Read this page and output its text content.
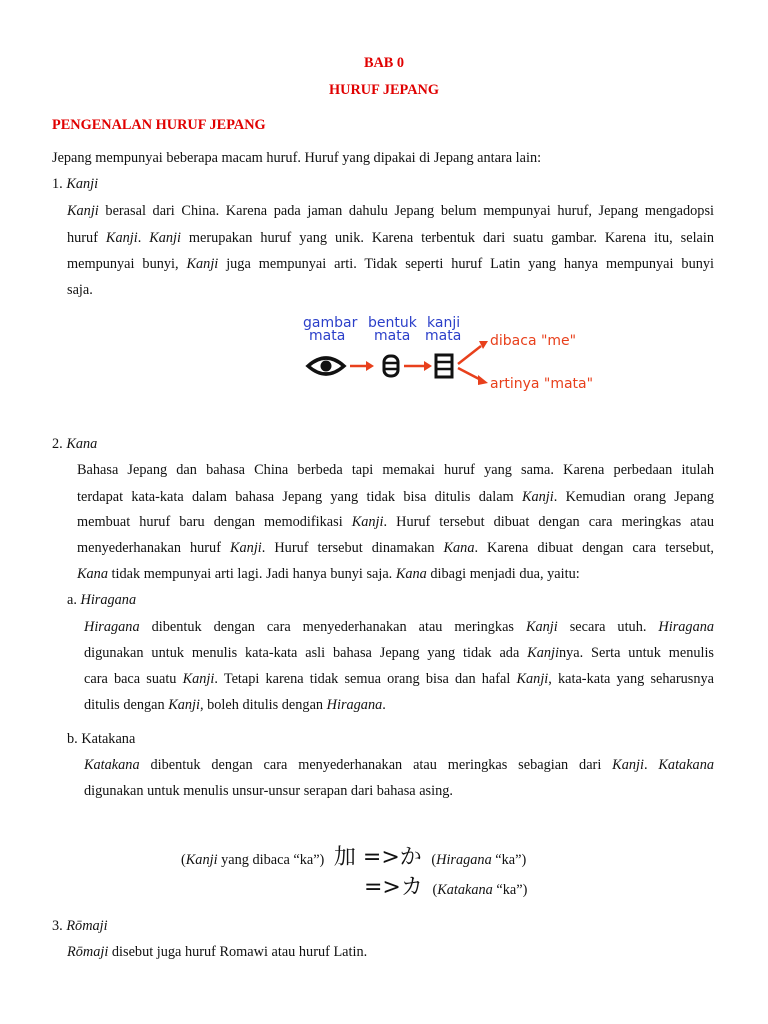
BAB 0
HURUF JEPANG
PENGENALAN HURUF JEPANG
Jepang mempunyai beberapa macam huruf. Huruf yang dipakai di Jepang antara lain:
1. Kanji
Kanji berasal dari China. Karena pada jaman dahulu Jepang belum mempunyai huruf, Jepang mengadopsi
huruf Kanji. Kanji merupakan huruf yang unik. Karena terbentuk dari suatu gambar. Karena itu, selain
mempunyai bunyi, Kanji juga mempunyai arti. Tidak seperti huruf Latin yang hanya mempunyai bunyi
saja.
gambar
mata
bentuk
mata
kanji
mata dibaca "me"
artinya "mata"
2. Kana
Bahasa Jepang dan bahasa China berbeda tapi memakai huruf yang sama. Karena perbedaan itulah
terdapat kata-kata dalam bahasa Jepang yang tidak bisa ditulis dalam Kanji. Kemudian orang Jepang
membuat huruf baru dengan memodifikasi Kanji. Huruf tersebut dibuat dengan cara meringkas atau
menyederhanakan huruf Kanji. Huruf tersebut dinamakan Kana. Karena dibuat dengan cara tersebut,
Kana tidak mempunyai arti lagi. Jadi hanya bunyi saja. Kana dibagi menjadi dua, yaitu:
a. Hiragana
Hiragana dibentuk dengan cara menyederhanakan atau meringkas Kanji secara utuh. Hiragana
digunakan untuk menulis kata-kata asli bahasa Jepang yang tidak ada Kanjinya. Serta untuk menulis
cara baca suatu Kanji. Tetapi karena tidak semua orang bisa dan hafal Kanji, kata-kata yang seharusnya
ditulis dengan Kanji, boleh ditulis dengan Hiragana.
b. Katakana
Katakana dibentuk dengan cara menyederhanakan atau meringkas sebagian dari Kanji. Katakana
digunakan untuk menulis unsur-unsur serapan dari bahasa asing.
(Kanji yang dibaca “ka”) 加 =>か (Hiragana “ka”)
=>カ (Katakana “ka”)
3. Rōmaji
Rōmaji disebut juga huruf Romawi atau huruf Latin.
